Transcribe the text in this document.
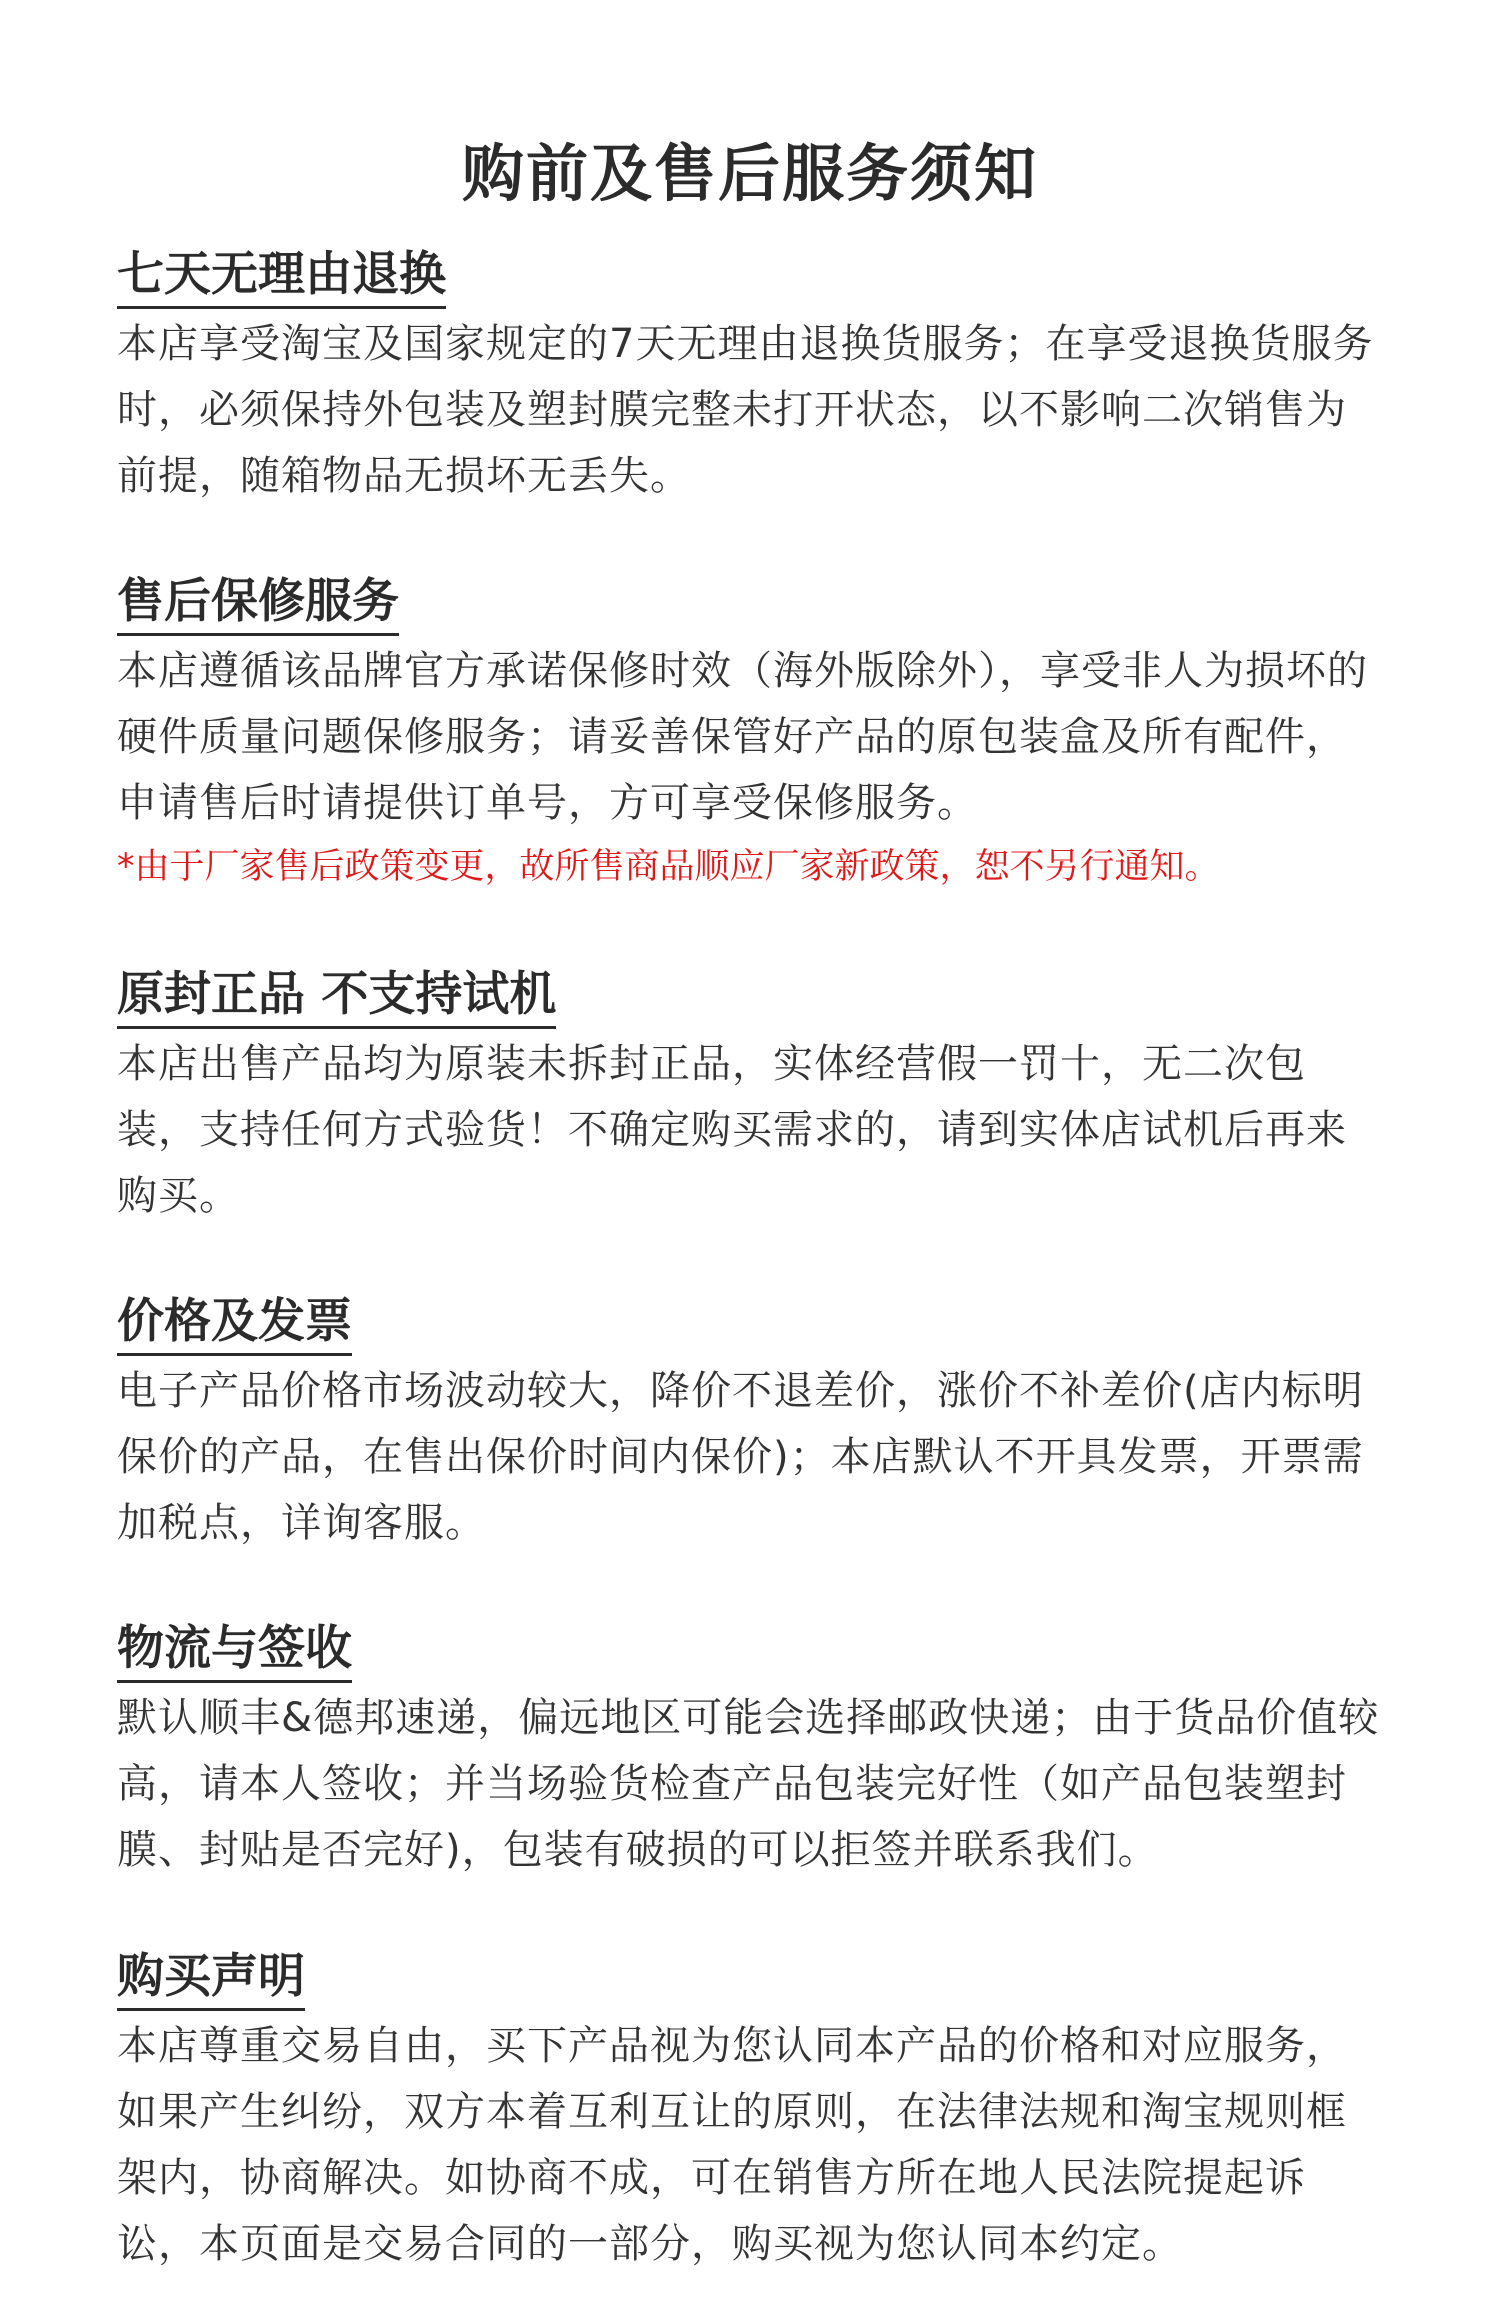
购前及售后服务须知
七天无理由退换

本店享受淘宝及国家规定的7天无理由退换货服务；在享受退换货服务时，必须保持外包装及塑封膜完整未打开状态，以不影响二次销售为前提，随箱物品无损坏无丢失。

售后保修服务

本店遵循该品牌官方承诺保修时效（海外版除外），享受非人为损坏的硬件质量问题保修服务；请妥善保管好产品的原包装盒及所有配件，申请售后时请提供订单号，方可享受保修服务。

*由于厂家售后政策变更，故所售商品顺应厂家新政策，恕不另行通知。

原封正品 不支持试机

本店出售产品均为原装未拆封正品，实体经营假一罚十，无二次包装，支持任何方式验货！不确定购买需求的，请到实体店试机后再来购买。

价格及发票

电子产品价格市场波动较大，降价不退差价，涨价不补差价(店内标明保价的产品，在售出保价时间内保价)；本店默认不开具发票，开票需加税点，详询客服。

物流与签收

默认顺丰&德邦速递，偏远地区可能会选择邮政快递；由于货品价值较高，请本人签收；并当场验货检查产品包装完好性（如产品包装塑封膜、封贴是否完好)，包装有破损的可以拒签并联系我们。

购买声明

本店尊重交易自由，买下产品视为您认同本产品的价格和对应服务，如果产生纠纷，双方本着互利互让的原则，在法律法规和淘宝规则框架内，协商解决。如协商不成，可在销售方所在地人民法院提起诉讼，本页面是交易合同的一部分，购买视为您认同本约定。
